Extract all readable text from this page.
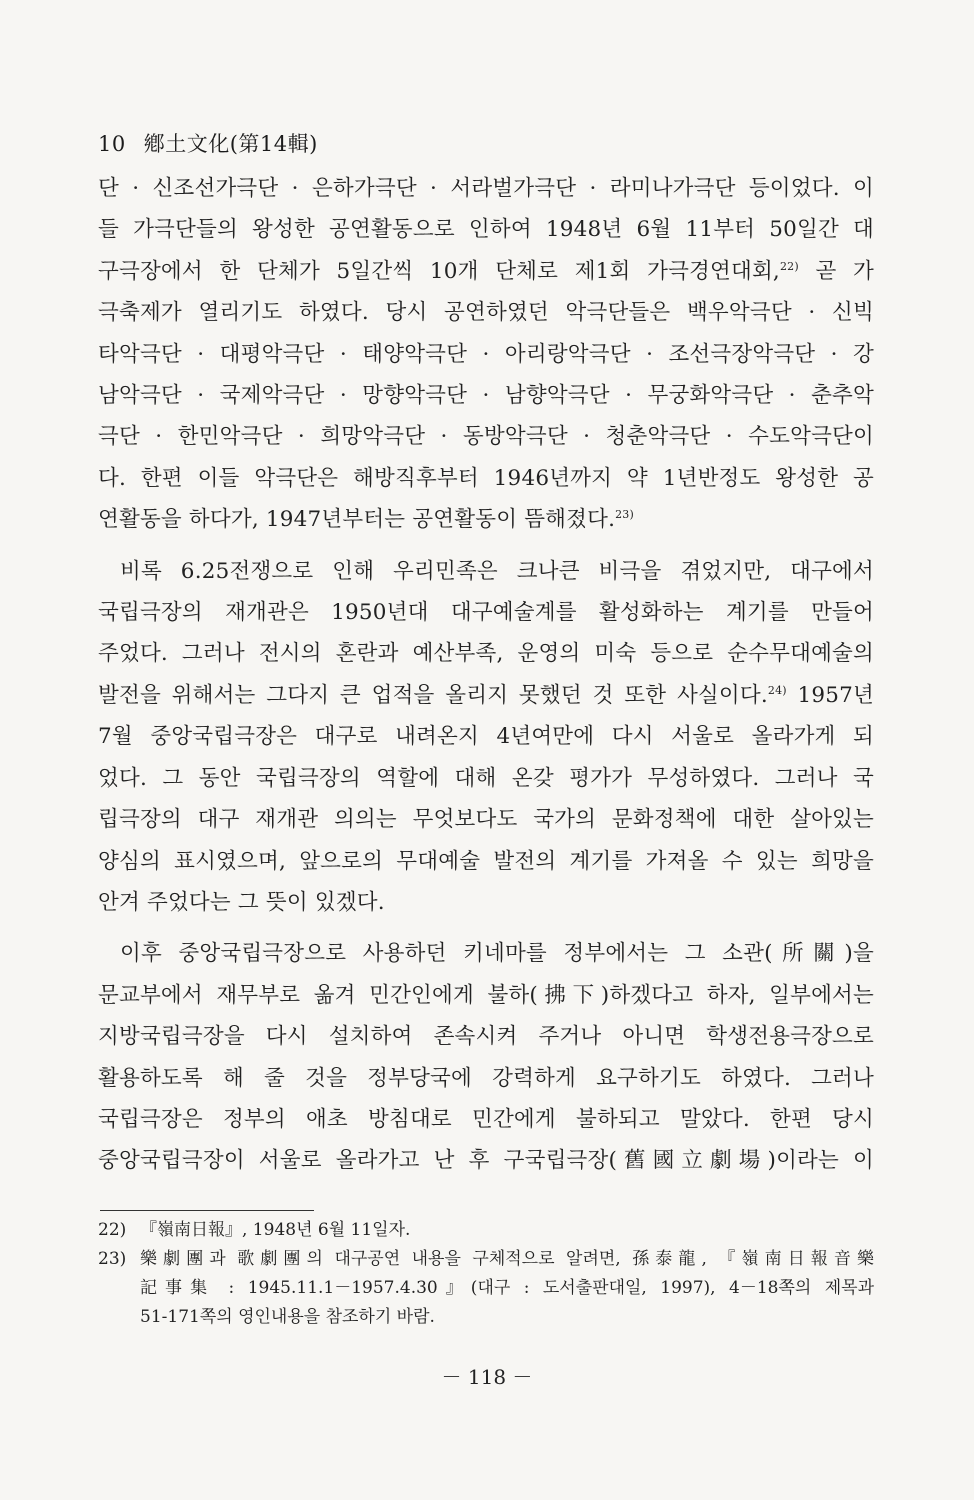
10 鄕土文化(第14輯)
단 · 신조선가극단 · 은하가극단 · 서라벌가극단 · 라미나가극단 등이었다. 이
들 가극단들의 왕성한 공연활동으로 인하여 1948년 6월 11부터 50일간 대
구극장에서 한 단체가 5일간씩 10개 단체로 제1회 가극경연대회,$^{22)}$ 곧 가
극축제가 열리기도 하였다. 당시 공연하였던 악극단들은 백우악극단 · 신빅
타악극단 · 대평악극단 · 태양악극단 · 아리랑악극단 · 조선극장악극단 · 강
남악극단 · 국제악극단 · 망향악극단 · 남향악극단 · 무궁화악극단 · 춘추악
극단 · 한민악극단 · 희망악극단 · 동방악극단 · 청춘악극단 · 수도악극단이
다. 한편 이들 악극단은 해방직후부터 1946년까지 약 1년반정도 왕성한 공
연활동을 하다가, 1947년부터는 공연활동이 뜸해졌다.$^{23)}$
비록 6.25전쟁으로 인해 우리민족은 크나큰 비극을 겪었지만, 대구에서
국립극장의 재개관은 1950년대 대구예술계를 활성화하는 계기를 만들어
주었다. 그러나 전시의 혼란과 예산부족, 운영의 미숙 등으로 순수무대예술의
발전을 위해서는 그다지 큰 업적을 올리지 못했던 것 또한 사실이다.$^{24)}$ 1957년
7월 중앙국립극장은 대구로 내려온지 4년여만에 다시 서울로 올라가게 되
었다. 그 동안 국립극장의 역할에 대해 온갖 평가가 무성하였다. 그러나 국
립극장의 대구 재개관 의의는 무엇보다도 국가의 문화정책에 대한 살아있는
양심의 표시였으며, 앞으로의 무대예술 발전의 계기를 가져올 수 있는 희망을
안겨 주었다는 그 뜻이 있겠다.
이후 중앙국립극장으로 사용하던 키네마를 정부에서는 그 소관(所關)을
문교부에서 재무부로 옮겨 민간인에게 불하(拂下)하겠다고 하자, 일부에서는
지방국립극장을 다시 설치하여 존속시켜 주거나 아니면 학생전용극장으로
활용하도록 해 줄 것을 정부당국에 강력하게 요구하기도 하였다. 그러나
국립극장은 정부의 애초 방침대로 민간에게 불하되고 말았다. 한편 당시
중앙국립극장이 서울로 올라가고 난 후 구국립극장(舊國立劇場)이라는 이
22) 『嶺南日報』, 1948년 6월 11일자.
23) 樂劇團과 歌劇團의 대구공연 내용을 구체적으로 알려면, 孫泰龍, 『嶺南日報音樂
記事集 : 1945.11.1－1957.4.30』(대구 : 도서출판대일, 1997), 4－18쪽의 제목과
51-171쪽의 영인내용을 참조하기 바람.
－ 118 －
